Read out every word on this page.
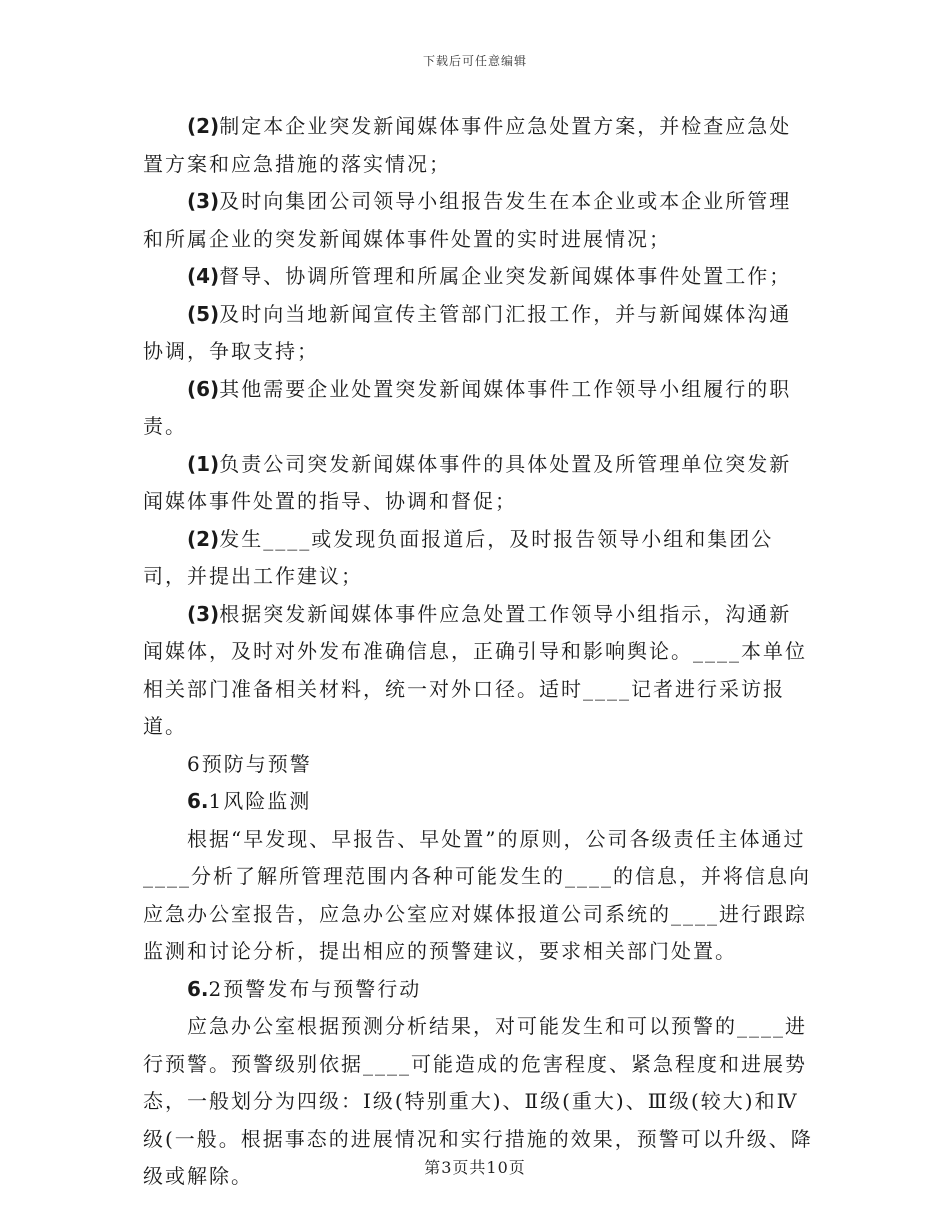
下载后可任意编辑

(2)制定本企业突发新闻媒体事件应急处置方案，并检查应急处置方案和应急措施的落实情况；

(3)及时向集团公司领导小组报告发生在本企业或本企业所管理和所属企业的突发新闻媒体事件处置的实时进展情况；

(4)督导、协调所管理和所属企业突发新闻媒体事件处置工作；

(5)及时向当地新闻宣传主管部门汇报工作，并与新闻媒体沟通协调，争取支持；

(6)其他需要企业处置突发新闻媒体事件工作领导小组履行的职责。

(1)负责公司突发新闻媒体事件的具体处置及所管理单位突发新闻媒体事件处置的指导、协调和督促；

(2)发生____或发现负面报道后，及时报告领导小组和集团公司，并提出工作建议；

(3)根据突发新闻媒体事件应急处置工作领导小组指示，沟通新闻媒体，及时对外发布准确信息，正确引导和影响舆论。____本单位相关部门准备相关材料，统一对外口径。适时____记者进行采访报道。

6预防与预警

6.1风险监测

根据“早发现、早报告、早处置”的原则，公司各级责任主体通过____分析了解所管理范围内各种可能发生的____的信息，并将信息向应急办公室报告，应急办公室应对媒体报道公司系统的____进行跟踪监测和讨论分析，提出相应的预警建议，要求相关部门处置。

6.2预警发布与预警行动

应急办公室根据预测分析结果，对可能发生和可以预警的____进行预警。预警级别依据____可能造成的危害程度、紧急程度和进展势态，一般划分为四级：Ⅰ级(特别重大)、Ⅱ级(重大)、Ⅲ级(较大)和Ⅳ级(一般。根据事态的进展情况和实行措施的效果，预警可以升级、降级或解除。	第3页共10页
